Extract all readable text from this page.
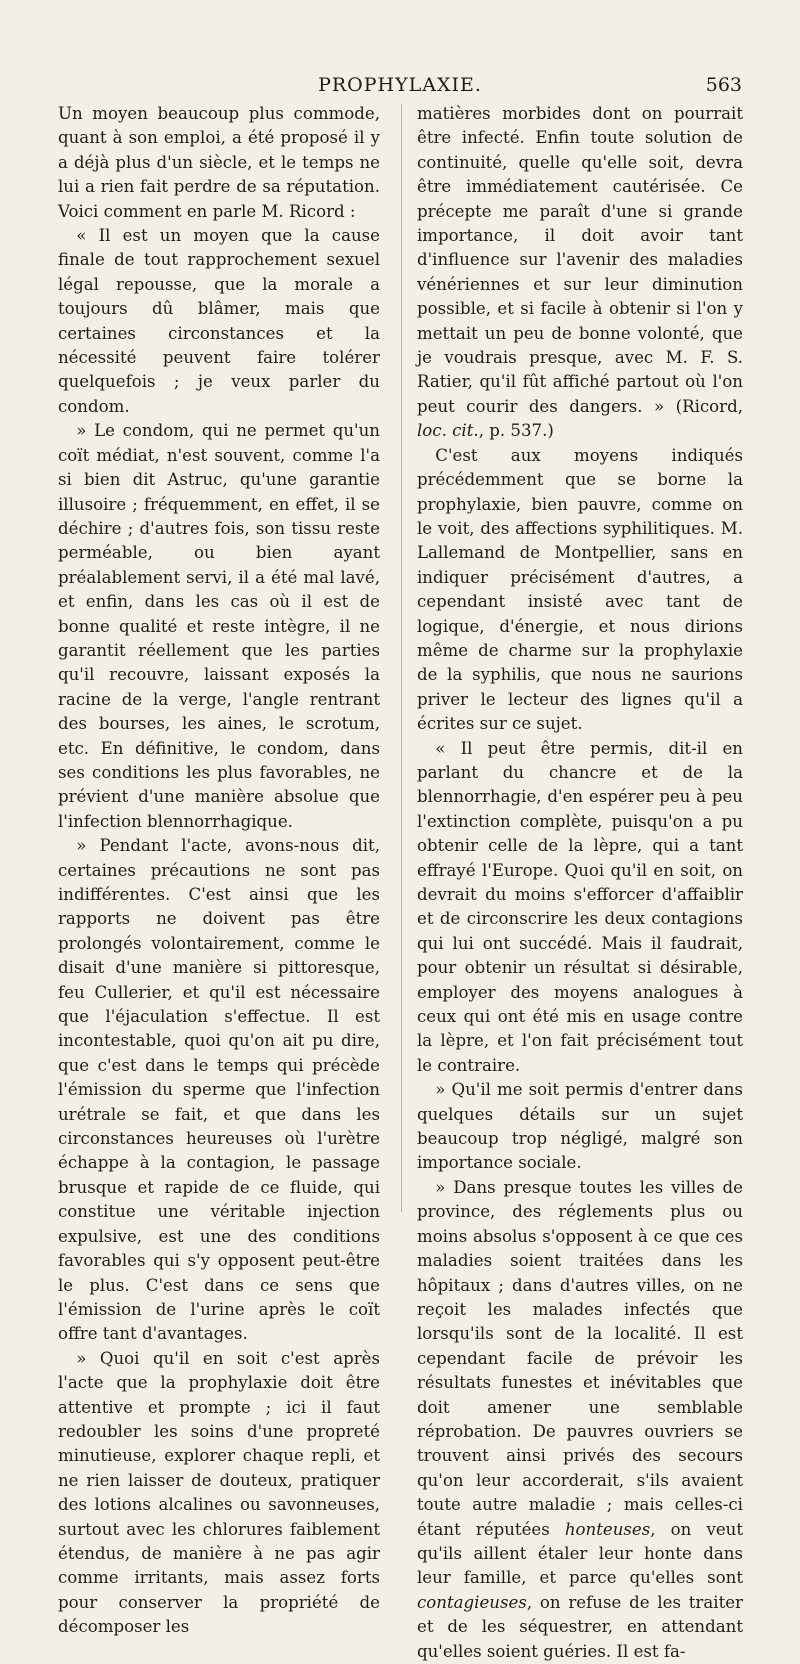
PROPHYLAXIE.	563

Un moyen beaucoup plus commode, quant à son emploi, a été proposé il y a déjà plus d'un siècle, et le temps ne lui a rien fait perdre de sa réputation. Voici comment en parle M. Ricord :

« Il est un moyen que la cause finale de tout rapprochement sexuel légal repousse, que la morale a toujours dû blâmer, mais que certaines circonstances et la nécessité peuvent faire tolérer quelquefois ; je veux parler du condom.

» Le condom, qui ne permet qu'un coït médiat, n'est souvent, comme l'a si bien dit Astruc, qu'une garantie illusoire ; fréquemment, en effet, il se déchire ; d'autres fois, son tissu reste perméable, ou bien ayant préalablement servi, il a été mal lavé, et enfin, dans les cas où il est de bonne qualité et reste intègre, il ne garantit réellement que les parties qu'il recouvre, laissant exposés la racine de la verge, l'angle rentrant des bourses, les aines, le scrotum, etc. En définitive, le condom, dans ses conditions les plus favorables, ne prévient d'une manière absolue que l'infection blennorrhagique.

» Pendant l'acte, avons-nous dit, certaines précautions ne sont pas indifférentes. C'est ainsi que les rapports ne doivent pas être prolongés volontairement, comme le disait d'une manière si pittoresque, feu Cullerier, et qu'il est nécessaire que l'éjaculation s'effectue. Il est incontestable, quoi qu'on ait pu dire, que c'est dans le temps qui précède l'émission du sperme que l'infection urétrale se fait, et que dans les circonstances heureuses où l'urètre échappe à la contagion, le passage brusque et rapide de ce fluide, qui constitue une véritable injection expulsive, est une des conditions favorables qui s'y opposent peut-être le plus. C'est dans ce sens que l'émission de l'urine après le coït offre tant d'avantages.

» Quoi qu'il en soit c'est après l'acte que la prophylaxie doit être attentive et prompte ; ici il faut redoubler les soins d'une propreté minutieuse, explorer chaque repli, et ne rien laisser de douteux, pratiquer des lotions alcalines ou savonneuses, surtout avec les chlorures faiblement étendus, de manière à ne pas agir comme irritants, mais assez forts pour conserver la propriété de décomposer les

matières morbides dont on pourrait être infecté. Enfin toute solution de continuité, quelle qu'elle soit, devra être immédiatement cautérisée. Ce précepte me paraît d'une si grande importance, il doit avoir tant d'influence sur l'avenir des maladies vénériennes et sur leur diminution possible, et si facile à obtenir si l'on y mettait un peu de bonne volonté, que je voudrais presque, avec M. F. S. Ratier, qu'il fût affiché partout où l'on peut courir des dangers. » (Ricord, loc. cit., p. 537.)

C'est aux moyens indiqués précédemment que se borne la prophylaxie, bien pauvre, comme on le voit, des affections syphilitiques. M. Lallemand de Montpellier, sans en indiquer précisément d'autres, a cependant insisté avec tant de logique, d'énergie, et nous dirions même de charme sur la prophylaxie de la syphilis, que nous ne saurions priver le lecteur des lignes qu'il a écrites sur ce sujet.

« Il peut être permis, dit-il en parlant du chancre et de la blennorrhagie, d'en espérer peu à peu l'extinction complète, puisqu'on a pu obtenir celle de la lèpre, qui a tant effrayé l'Europe. Quoi qu'il en soit, on devrait du moins s'efforcer d'affaiblir et de circonscrire les deux contagions qui lui ont succédé. Mais il faudrait, pour obtenir un résultat si désirable, employer des moyens analogues à ceux qui ont été mis en usage contre la lèpre, et l'on fait précisément tout le contraire.

» Qu'il me soit permis d'entrer dans quelques détails sur un sujet beaucoup trop négligé, malgré son importance sociale.

» Dans presque toutes les villes de province, des réglements plus ou moins absolus s'opposent à ce que ces maladies soient traitées dans les hôpitaux ; dans d'autres villes, on ne reçoit les malades infectés que lorsqu'ils sont de la localité. Il est cependant facile de prévoir les résultats funestes et inévitables que doit amener une semblable réprobation. De pauvres ouvriers se trouvent ainsi privés des secours qu'on leur accorderait, s'ils avaient toute autre maladie ; mais celles-ci étant réputées honteuses, on veut qu'ils aillent étaler leur honte dans leur famille, et parce qu'elles sont contagieuses, on refuse de les traiter et de les séquestrer, en attendant qu'elles soient guéries. Il est fa-
